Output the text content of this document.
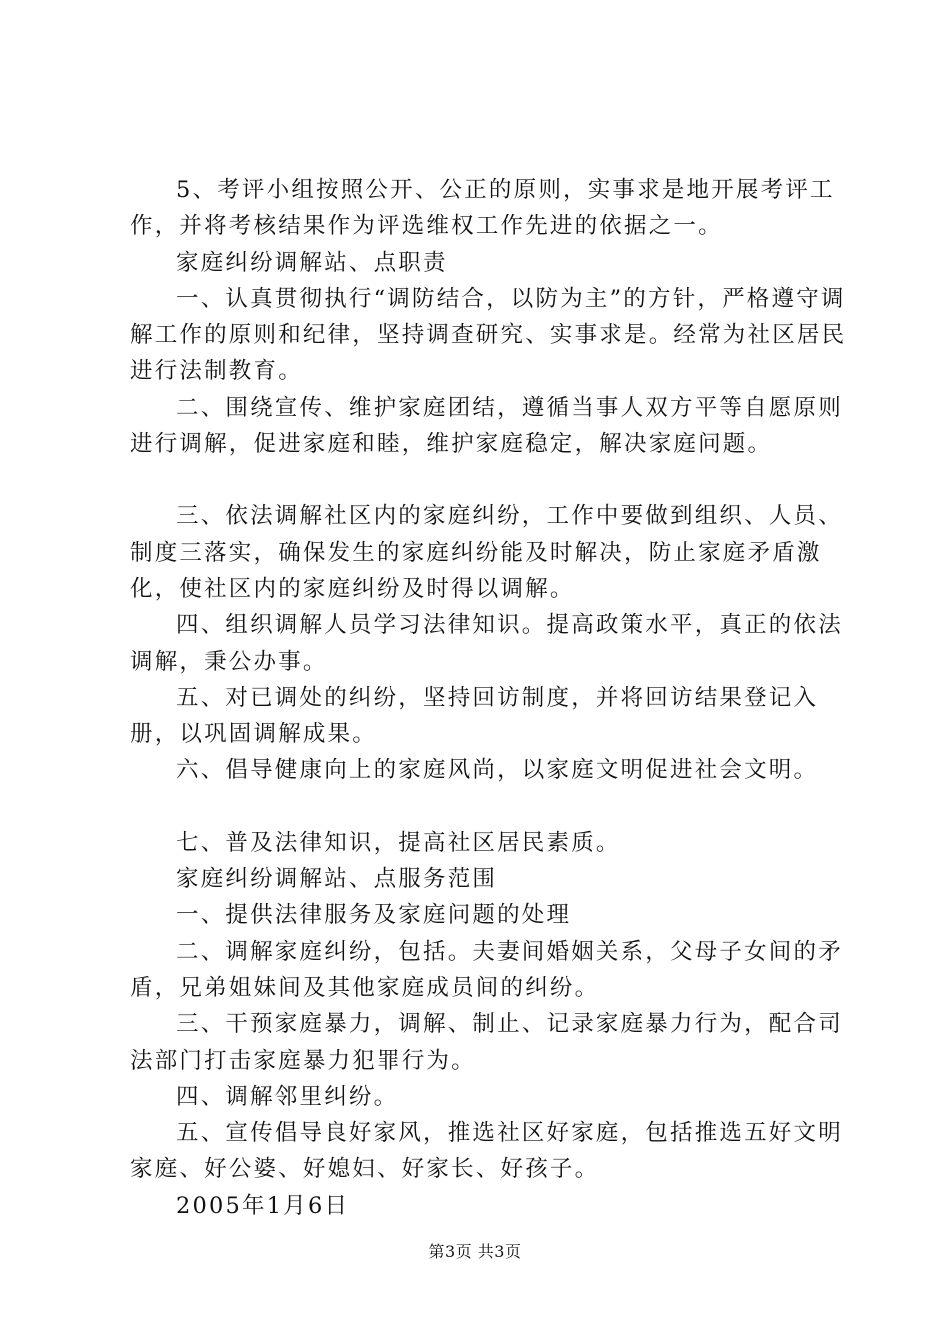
5、考评小组按照公开、公正的原则，实事求是地开展考评工作，并将考核结果作为评选维权工作先进的依据之一。

家庭纠纷调解站、点职责

一、认真贯彻执行“调防结合，以防为主”的方针，严格遵守调解工作的原则和纪律，坚持调查研究、实事求是。经常为社区居民进行法制教育。

二、围绕宣传、维护家庭团结，遵循当事人双方平等自愿原则进行调解，促进家庭和睦，维护家庭稳定，解决家庭问题。

三、依法调解社区内的家庭纠纷，工作中要做到组织、人员、制度三落实，确保发生的家庭纠纷能及时解决，防止家庭矛盾激化，使社区内的家庭纠纷及时得以调解。

四、组织调解人员学习法律知识。提高政策水平，真正的依法调解，秉公办事。

五、对已调处的纠纷，坚持回访制度，并将回访结果登记入册，以巩固调解成果。

六、倡导健康向上的家庭风尚，以家庭文明促进社会文明。

七、普及法律知识，提高社区居民素质。

家庭纠纷调解站、点服务范围

一、提供法律服务及家庭问题的处理

二、调解家庭纠纷，包括。夫妻间婚姻关系，父母子女间的矛盾，兄弟姐妹间及其他家庭成员间的纠纷。

三、干预家庭暴力，调解、制止、记录家庭暴力行为，配合司法部门打击家庭暴力犯罪行为。

四、调解邻里纠纷。

五、宣传倡导良好家风，推选社区好家庭，包括推选五好文明家庭、好公婆、好媳妇、好家长、好孩子。

2005年1月6日

第3页 共3页
